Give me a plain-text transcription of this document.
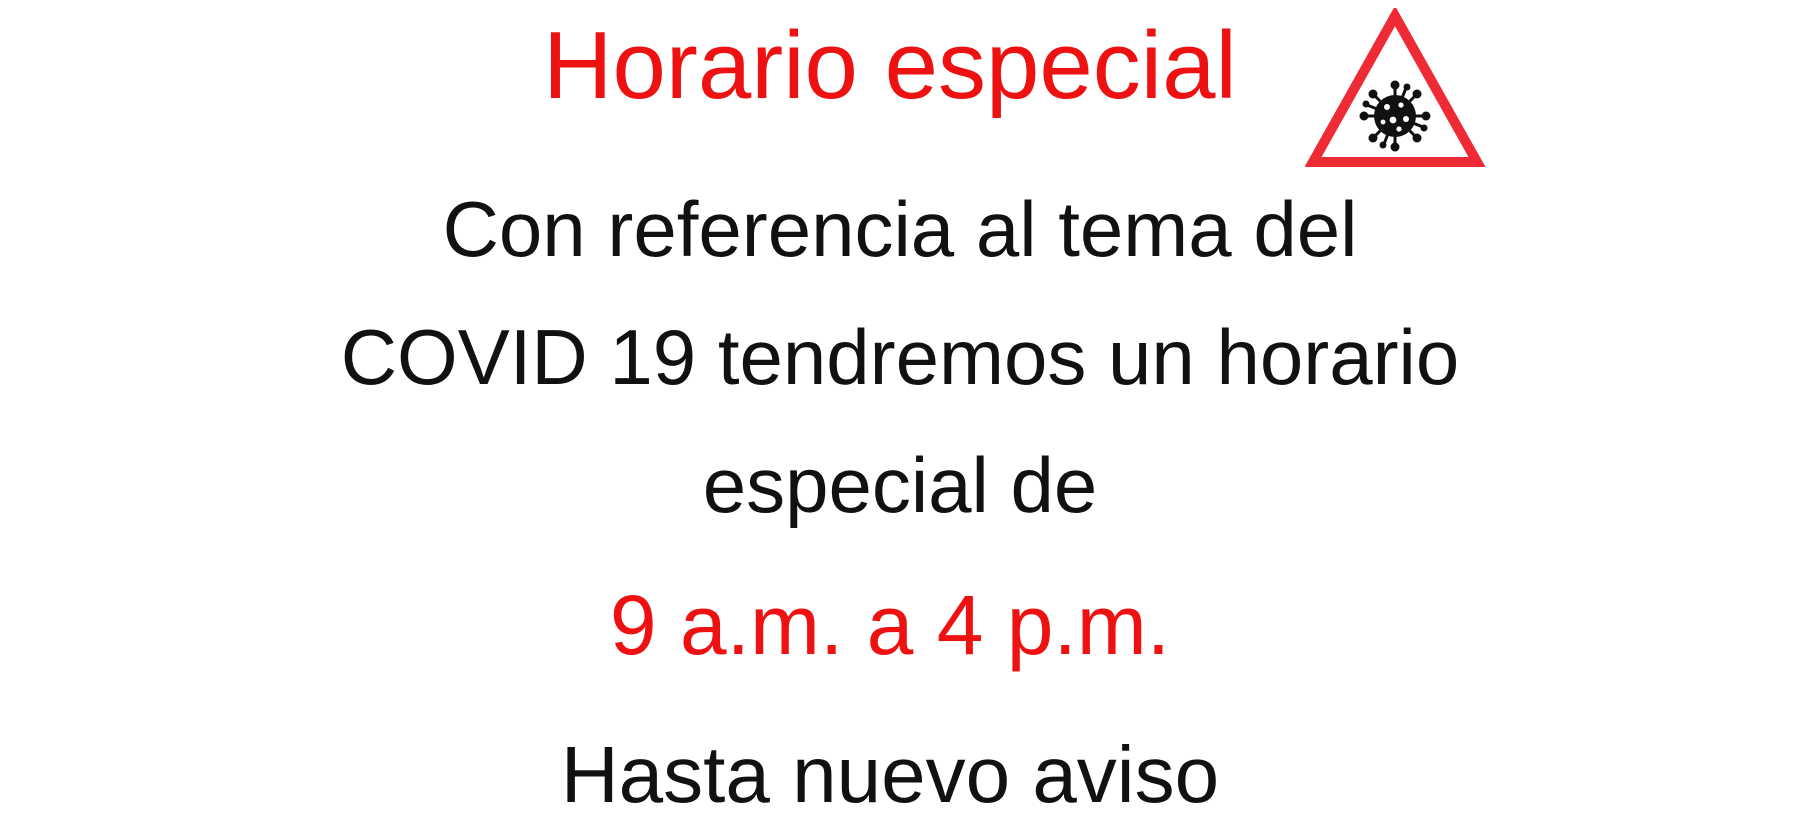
Horario especial
Con referencia al tema del
COVID 19 tendremos un horario
especial de
9 a.m. a 4 p.m.
Hasta nuevo aviso
